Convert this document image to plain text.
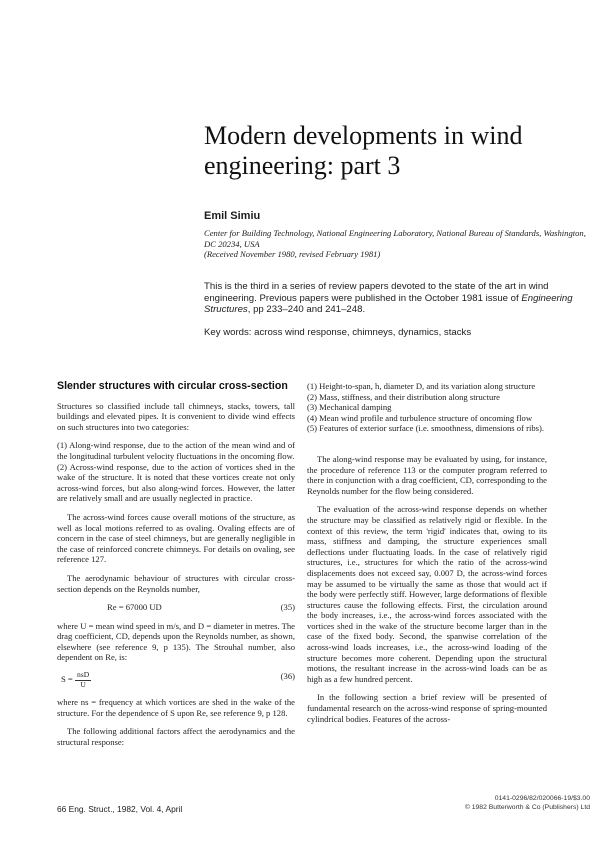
Modern developments in wind
engineering: part 3
Emil Simiu
Center for Building Technology, National Engineering Laboratory, National Bureau of Standards, Washington, DC 20234, USA
(Received November 1980, revised February 1981)
This is the third in a series of review papers devoted to the state of the art in wind engineering. Previous papers were published in the October 1981 issue of Engineering Structures, pp 233–240 and 241–248.
Key words: across wind response, chimneys, dynamics, stacks
Slender structures with circular cross-section

Structures so classified include tall chimneys, stacks, towers, tall buildings and elevated pipes. It is convenient to divide wind effects on such structures into two categories:

(1) Along-wind response, due to the action of the mean wind and of the longitudinal turbulent velocity fluctuations in the oncoming flow.

(2) Across-wind response, due to the action of vortices shed in the wake of the structure. It is noted that these vortices create not only across-wind forces, but also along-wind forces. However, the latter are relatively small and are usually neglected in practice.

The across-wind forces cause overall motions of the structure, as well as local motions referred to as ovaling. Ovaling effects are of concern in the case of steel chimneys, but are generally negligible in the case of reinforced concrete chimneys. For details on ovaling, see reference 127.

The aerodynamic behaviour of structures with circular cross-section depends on the Reynolds number,

Re = 67000 UD	(35)

where U = mean wind speed in m/s, and D = diameter in metres. The drag coefficient, CD, depends upon the Reynolds number, as shown, elsewhere (see reference 9, p 135). The Strouhal number, also dependent on Re, is:

$S = \frac{\text{nsD}}{U}$	(36)

where ns = frequency at which vortices are shed in the wake of the structure. For the dependence of S upon Re, see reference 9, p 128.

The following additional factors affect the aerodynamics and the structural response:

(1) Height-to-span, h, diameter D, and its variation along structure

(2) Mass, stiffness, and their distribution along structure

(3) Mechanical damping

(4) Mean wind profile and turbulence structure of oncoming flow

(5) Features of exterior surface (i.e. smoothness, dimensions of ribs).

The along-wind response may be evaluated by using, for instance, the procedure of reference 113 or the computer program referred to there in conjunction with a drag coefficient, CD, corresponding to the Reynolds number for the flow being considered.

The evaluation of the across-wind response depends on whether the structure may be classified as relatively rigid or flexible. In the context of this review, the term 'rigid' indicates that, owing to its mass, stiffness and damping, the structure experiences small deflections under fluctuating loads. In the case of relatively rigid structures, i.e., structures for which the ratio of the across-wind displacements does not exceed say, 0.007 D, the across-wind forces may be assumed to be virtually the same as those that would act if the body were perfectly stiff. However, large deformations of flexible structures cause the following effects. First, the circulation around the body increases, i.e., the across-wind forces associated with the vortices shed in the wake of the structure become larger than in the case of the fixed body. Second, the spanwise correlation of the across-wind loads increases, i.e., the across-wind loading of the structure becomes more coherent. Depending upon the structural motions, the resultant increase in the across-wind loads can be as high as a few hundred percent.

In the following section a brief review will be presented of fundamental research on the across-wind response of spring-mounted cylindrical bodies. Features of the across-

66 Eng. Struct., 1982, Vol. 4, April
0141-0296/82/020066-19/$3.00
© 1982 Butterworth & Co (Publishers) Ltd
